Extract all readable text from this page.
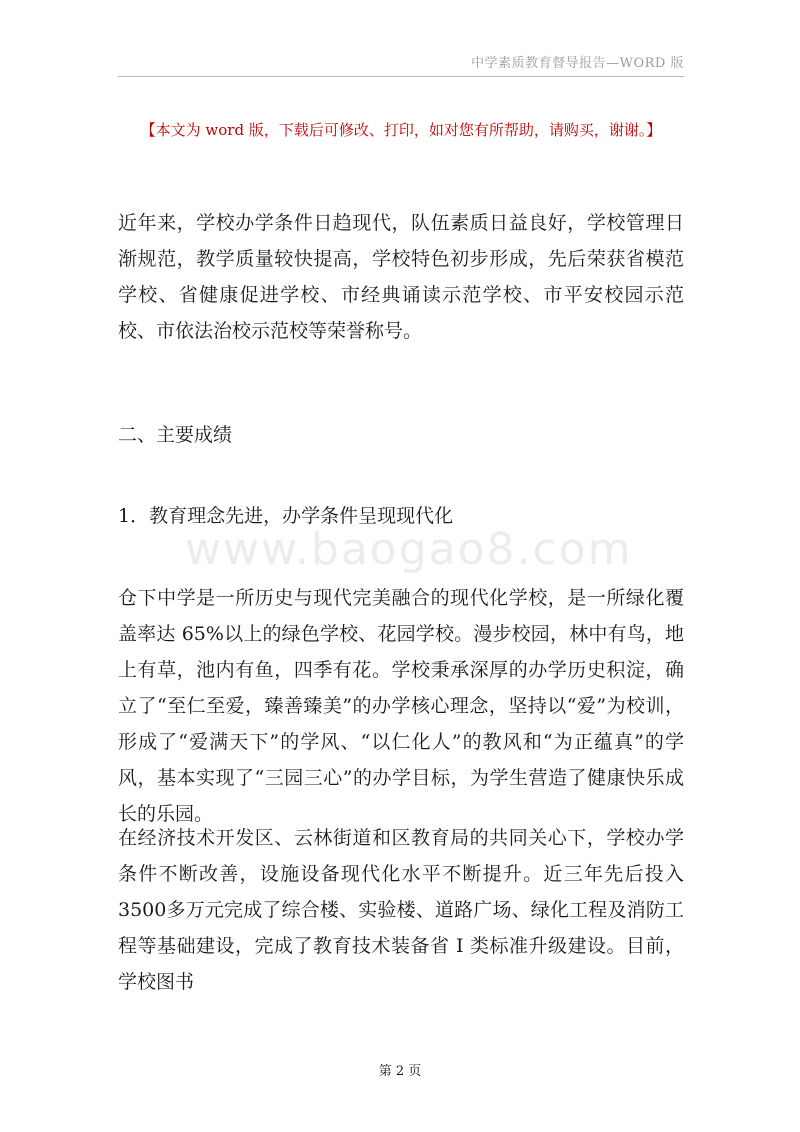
中学素质教育督导报告—WORD 版
【本文为 word 版，下载后可修改、打印，如对您有所帮助，请购买，谢谢。】
www.baogao8.com

近年来，学校办学条件日趋现代，队伍素质日益良好，学校管理日渐规范，教学质量较快提高，学校特色初步形成，先后荣获省模范学校、省健康促进学校、市经典诵读示范学校、市平安校园示范校、市依法治校示范校等荣誉称号。

二、主要成绩

1．教育理念先进，办学条件呈现现代化

仓下中学是一所历史与现代完美融合的现代化学校，是一所绿化覆盖率达 65%以上的绿色学校、花园学校。漫步校园，林中有鸟，地上有草，池内有鱼，四季有花。学校秉承深厚的办学历史积淀，确立了“至仁至爱，臻善臻美”的办学核心理念，坚持以“爱”为校训，形成了“爱满天下”的学风、“以仁化人”的教风和“为正蕴真”的学风，基本实现了“三园三心”的办学目标，为学生营造了健康快乐成长的乐园。

在经济技术开发区、云林街道和区教育局的共同关心下，学校办学条件不断改善，设施设备现代化水平不断提升。近三年先后投入 3500多万元完成了综合楼、实验楼、道路广场、绿化工程及消防工程等基础建设，完成了教育技术装备省 I 类标准升级建设。目前，学校图书

第 2 页
